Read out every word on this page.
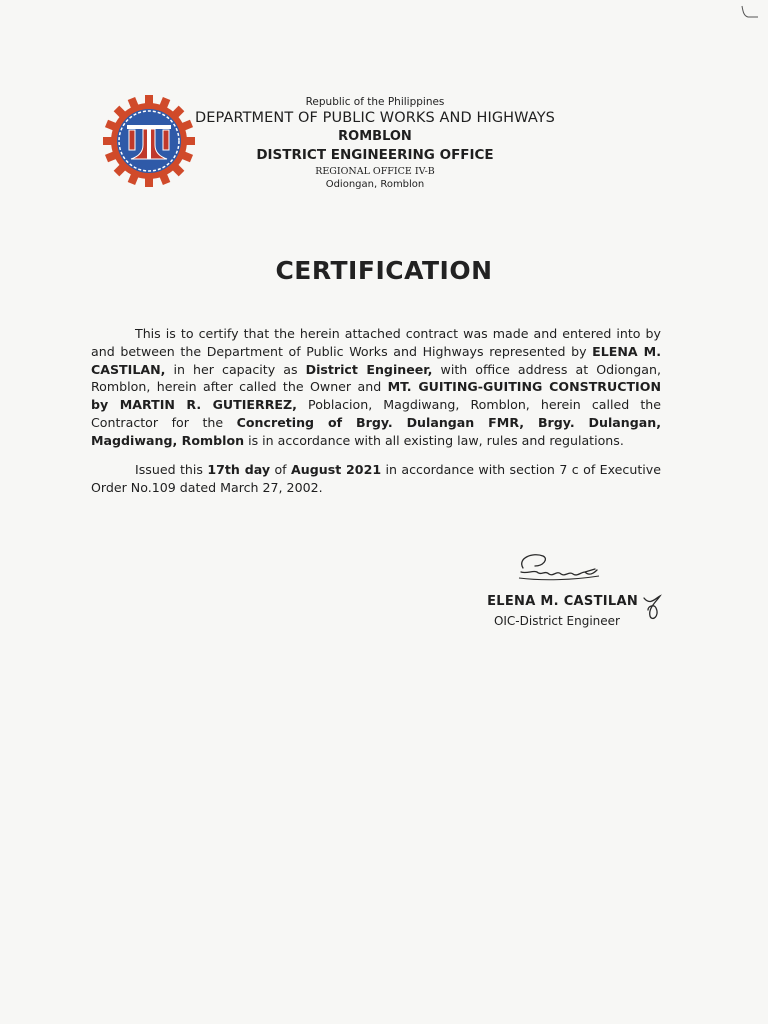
Republic of the Philippines
DEPARTMENT OF PUBLIC WORKS AND HIGHWAYS
ROMBLON
DISTRICT ENGINEERING OFFICE
REGIONAL OFFICE IV-B
Odiongan, Romblon
CERTIFICATION
This is to certify that the herein attached contract was made and entered into by and between the Department of Public Works and Highways represented by ELENA M. CASTILAN, in her capacity as District Engineer, with office address at Odiongan, Romblon, herein after called the Owner and MT. GUITING-GUITING CONSTRUCTION by MARTIN R. GUTIERREZ, Poblacion, Magdiwang, Romblon, herein called the Contractor for the Concreting of Brgy. Dulangan FMR, Brgy. Dulangan, Magdiwang, Romblon is in accordance with all existing law, rules and regulations.
Issued this 17th day of August 2021 in accordance with section 7 c of Executive Order No.109 dated March 27, 2002.
ELENA M. CASTILAN
OIC-District Engineer
